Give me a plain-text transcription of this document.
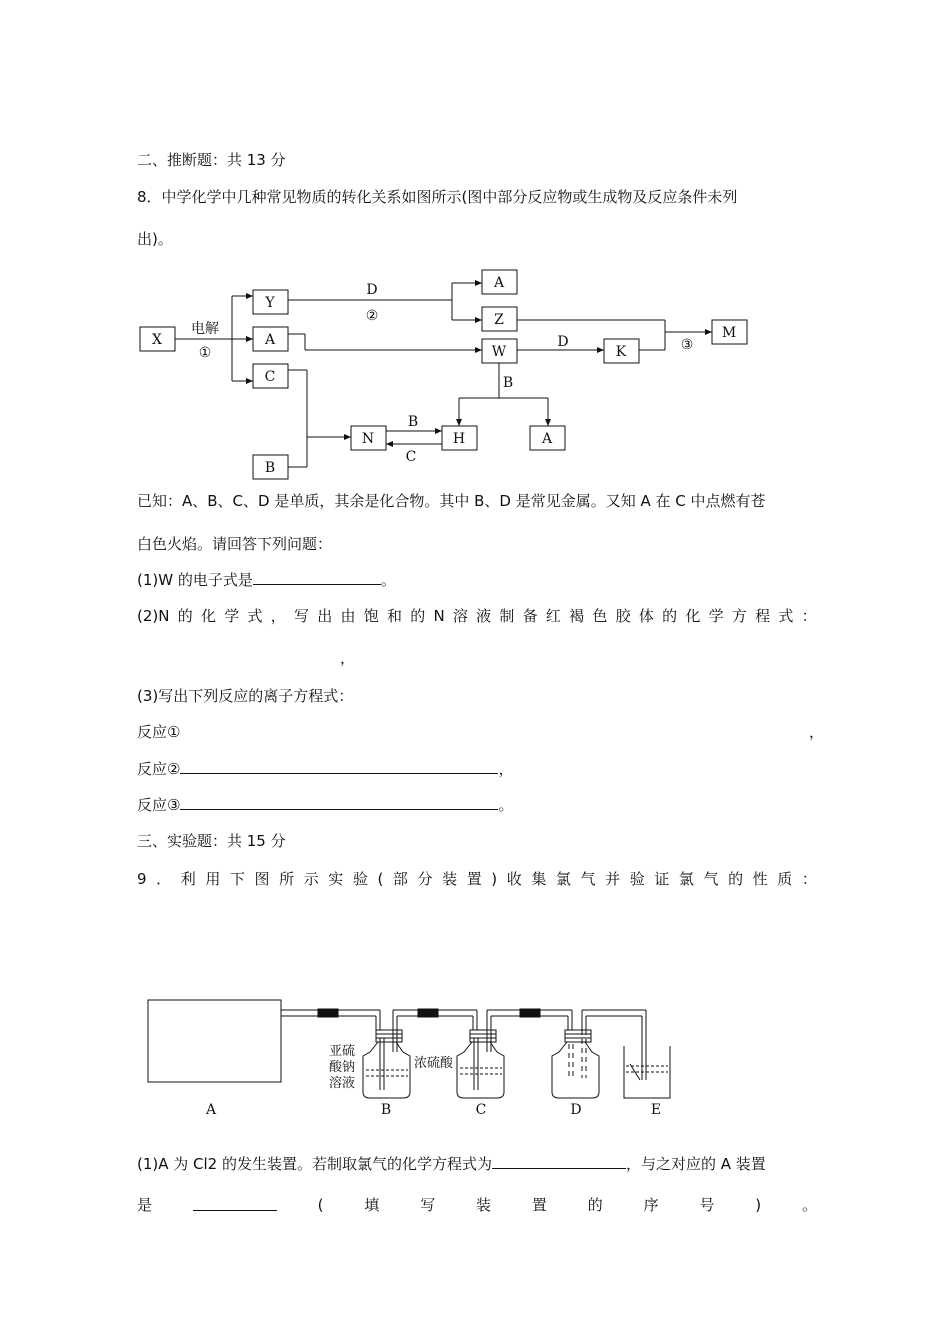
二、推断题：共 13 分
8．中学化学中几种常见物质的转化关系如图所示(图中部分反应物或生成物及反应条件未列
出)。
X
Y
A
C
B
A
Z
W	K
M
N	H	A
电解
①
D
②
D	③
B
B
C
已知：A、B、C、D 是单质，其余是化合物。其中 B、D 是常见金属。又知 A 在 C 中点燃有苍
白色火焰。请回答下列问题：
(1)W 的电子式是	。
(2)N 的 化 学 式 ， 写 出 由 饱 和 的 N 溶 液 制 备 红 褐 色 胶 体 的 化 学 方 程 式 ：
，
(3)写出下列反应的离子方程式：
反应①	，
反应②	，
反应③	。
三、实验题：共 15 分
9 ． 利 用 下 图 所 示 实 验 ( 部 分 装 置 ) 收 集 氯 气 并 验 证 氯 气 的 性 质 ：
A	B	C	D	E
亚硫
酸钠
溶液
浓硫酸
(1)A 为 Cl2 的发生装置。若制取氯气的化学方程式为	，与之对应的 A 装置
是	(	填	写	装	置	的	序	号	)	。
